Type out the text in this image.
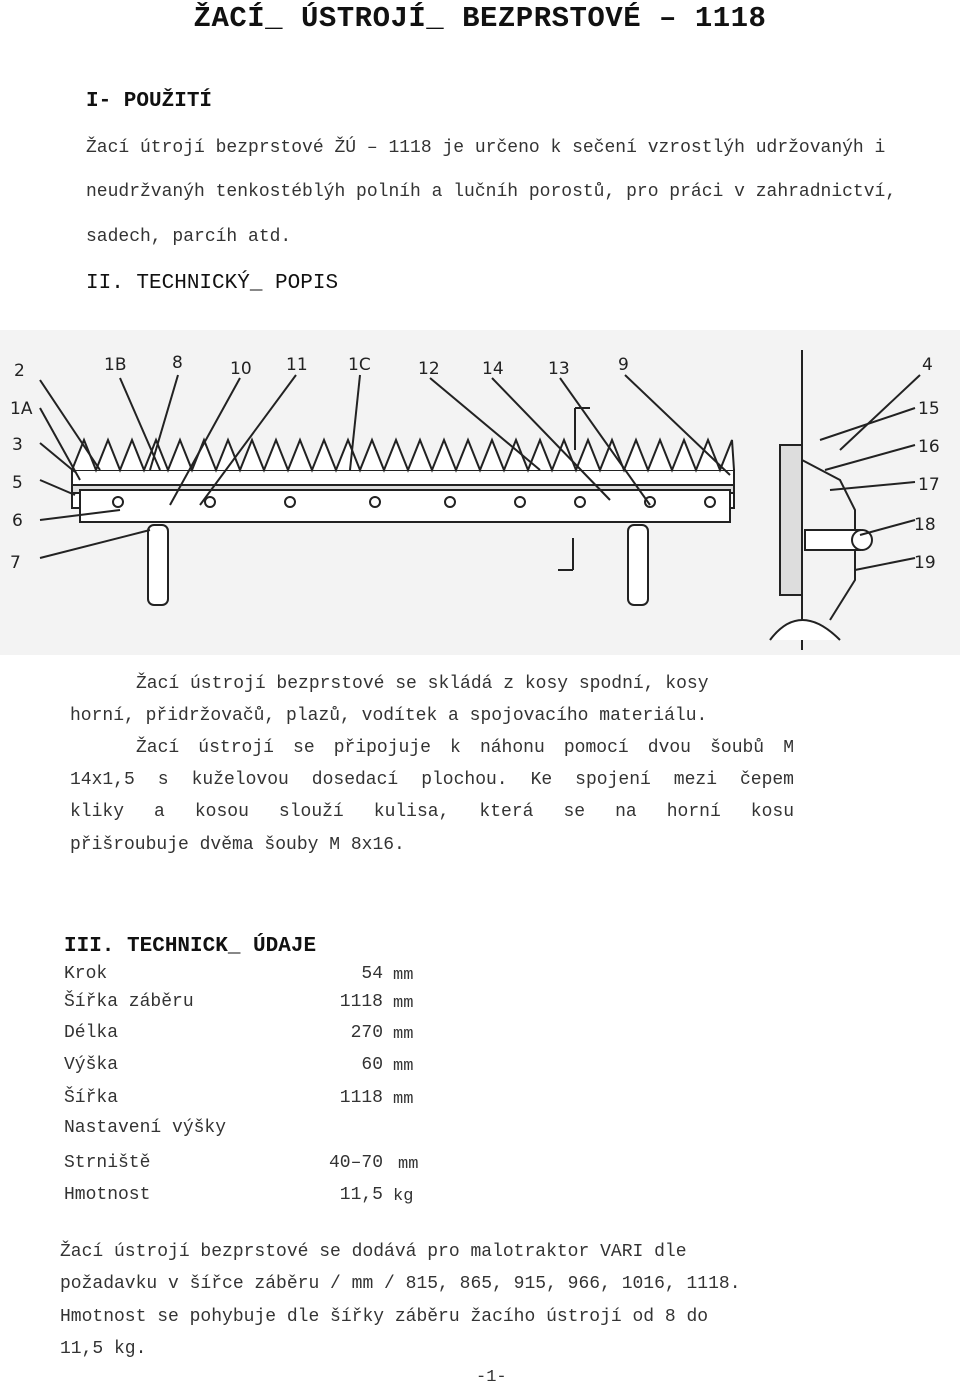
ŽACÍ_ ÚSTROJÍ_ BEZPRSTOVÉ – 1118
I- POUŽITÍ
Žací útrojí bezprstové ŽÚ – 1118 je určeno k sečení vzrostlýh udržovanýh i
neudržvanýh tenkostéblýh polníh a lučníh porostů, pro práci v zahradnictví,
sadech, parcíh atd.
II. TECHNICKÝ_ POPIS
2	1B	8	10 11 1C	12 14	13	9	4
1A
3
5
6
7
15
16
17
18
19
Žací ústrojí bezprstové se skládá z kosy spodní, kosy
horní, přidržovačů, plazů, vodítek a spojovacího materiálu.
Žací ústrojí se připojuje k náhonu pomocí dvou šoubů M
14x1,5 s kuželovou dosedací plochou. Ke spojení mezi čepem
kliky a kosou slouží kulisa, která se na horní kosu
přišroubuje dvěma šouby M 8x16.
III. TECHNICK_ ÚDAJE
Krok	54 mm
Šířka záběru	1118 mm
Délka	270 mm
Výška	60 mm
Šířka	1118 mm
Nastavení výšky
Strniště	40–70 mm
Hmotnost	11,5 kg
Žací ústrojí bezprstové se dodává pro malotraktor VARI dle
požadavku v šířce záběru / mm / 815, 865, 915, 966, 1016, 1118.
Hmotnost se pohybuje dle šířky záběru žacího ústrojí od 8 do
11,5 kg.
-1-
